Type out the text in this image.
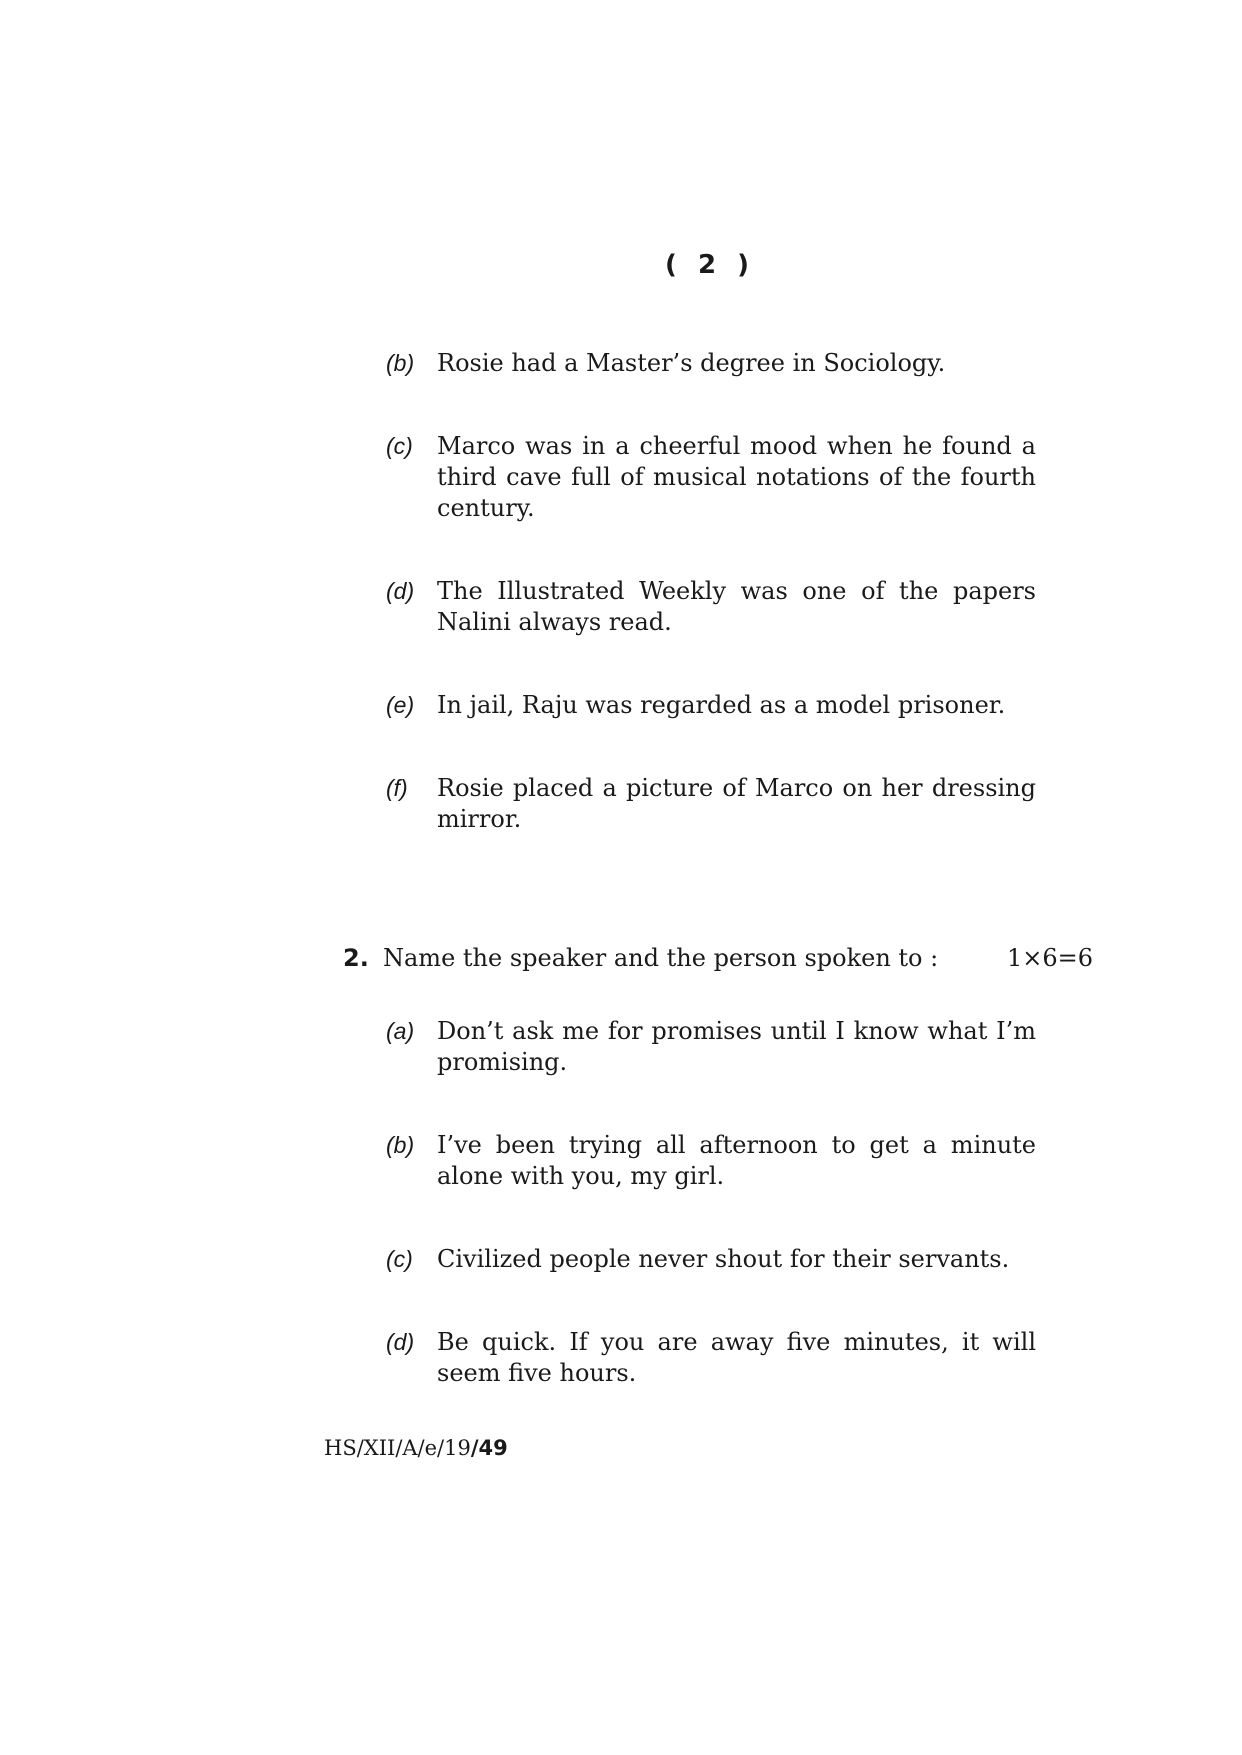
( 2 )
(b) Rosie had a Master’s degree in Sociology.
(c)	Marco was in a cheerful mood when he found a third cave full of musical notations of the fourth century.
(d) The Illustrated Weekly was one of the papers Nalini always read.
(e) In jail, Raju was regarded as a model prisoner.
(f)	Rosie placed a picture of Marco on her dressing mirror.
2. Name the speaker and the person spoken to :	1×6=6
(a) Don’t ask me for promises until I know what I’m promising.
(b) I’ve been trying all afternoon to get a minute alone with you, my girl.
(c)	Civilized people never shout for their servants.
(d) Be quick. If you are away five minutes, it will seem five hours.
HS/XII/A/e/19/49
